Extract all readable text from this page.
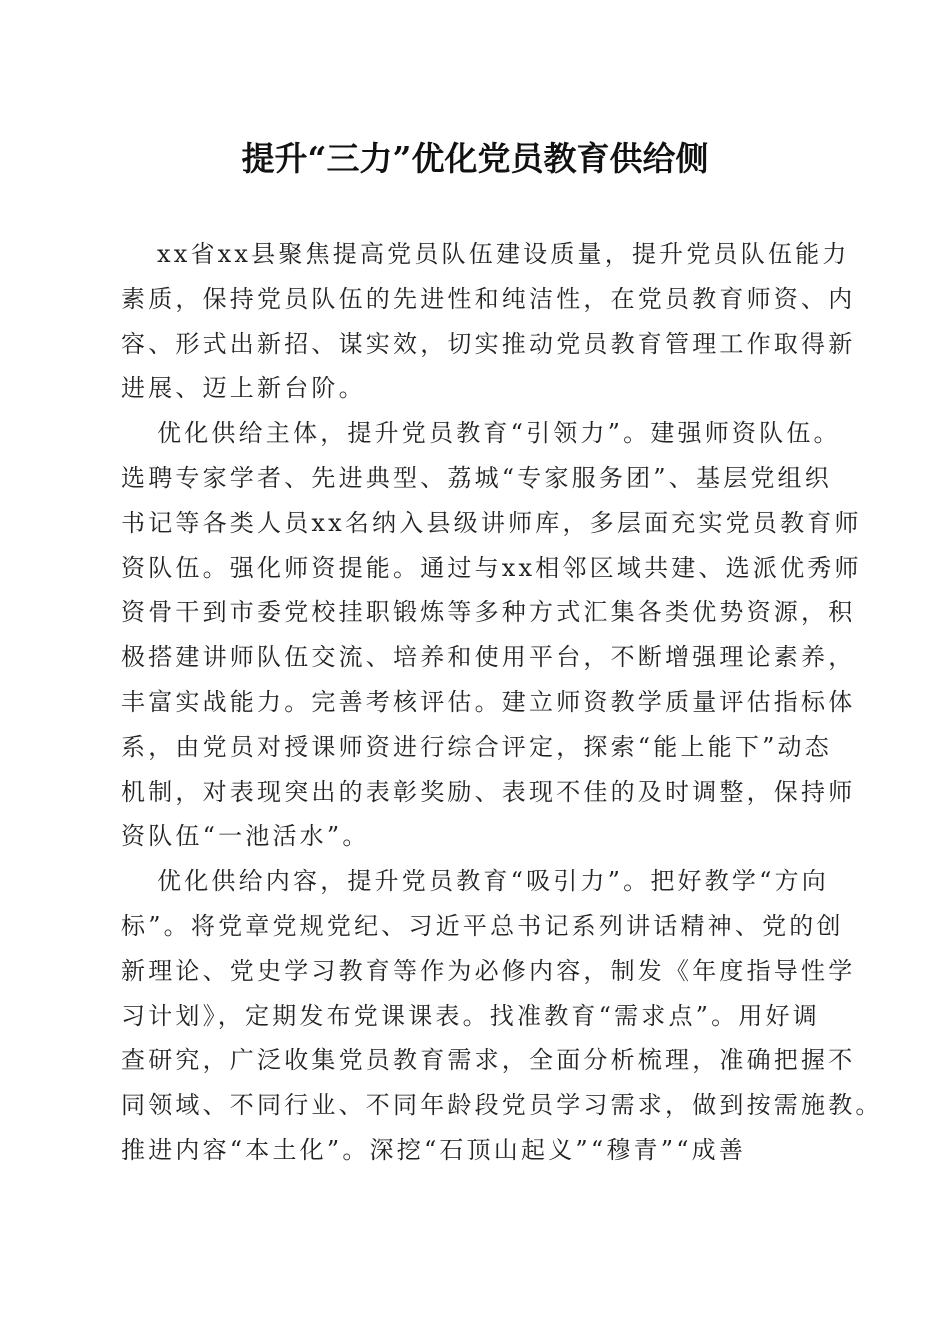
提升“三力”优化党员教育供给侧
xx省xx县聚焦提高党员队伍建设质量，提升党员队伍能力
素质，保持党员队伍的先进性和纯洁性，在党员教育师资、内
容、形式出新招、谋实效，切实推动党员教育管理工作取得新
进展、迈上新台阶。
优化供给主体，提升党员教育“引领力”。建强师资队伍。
选聘专家学者、先进典型、荔城“专家服务团”、基层党组织
书记等各类人员xx名纳入县级讲师库，多层面充实党员教育师
资队伍。强化师资提能。通过与xx相邻区域共建、选派优秀师
资骨干到市委党校挂职锻炼等多种方式汇集各类优势资源，积
极搭建讲师队伍交流、培养和使用平台，不断增强理论素养，
丰富实战能力。完善考核评估。建立师资教学质量评估指标体
系，由党员对授课师资进行综合评定，探索“能上能下”动态
机制，对表现突出的表彰奖励、表现不佳的及时调整，保持师
资队伍“一池活水”。
优化供给内容，提升党员教育“吸引力”。把好教学“方向
标”。将党章党规党纪、习近平总书记系列讲话精神、党的创
新理论、党史学习教育等作为必修内容，制发《年度指导性学
习计划》，定期发布党课课表。找准教育“需求点”。用好调
查研究，广泛收集党员教育需求，全面分析梳理，准确把握不
同领域、不同行业、不同年龄段党员学习需求，做到按需施教。
推进内容“本土化”。深挖“石顶山起义”“穆青”“成善
